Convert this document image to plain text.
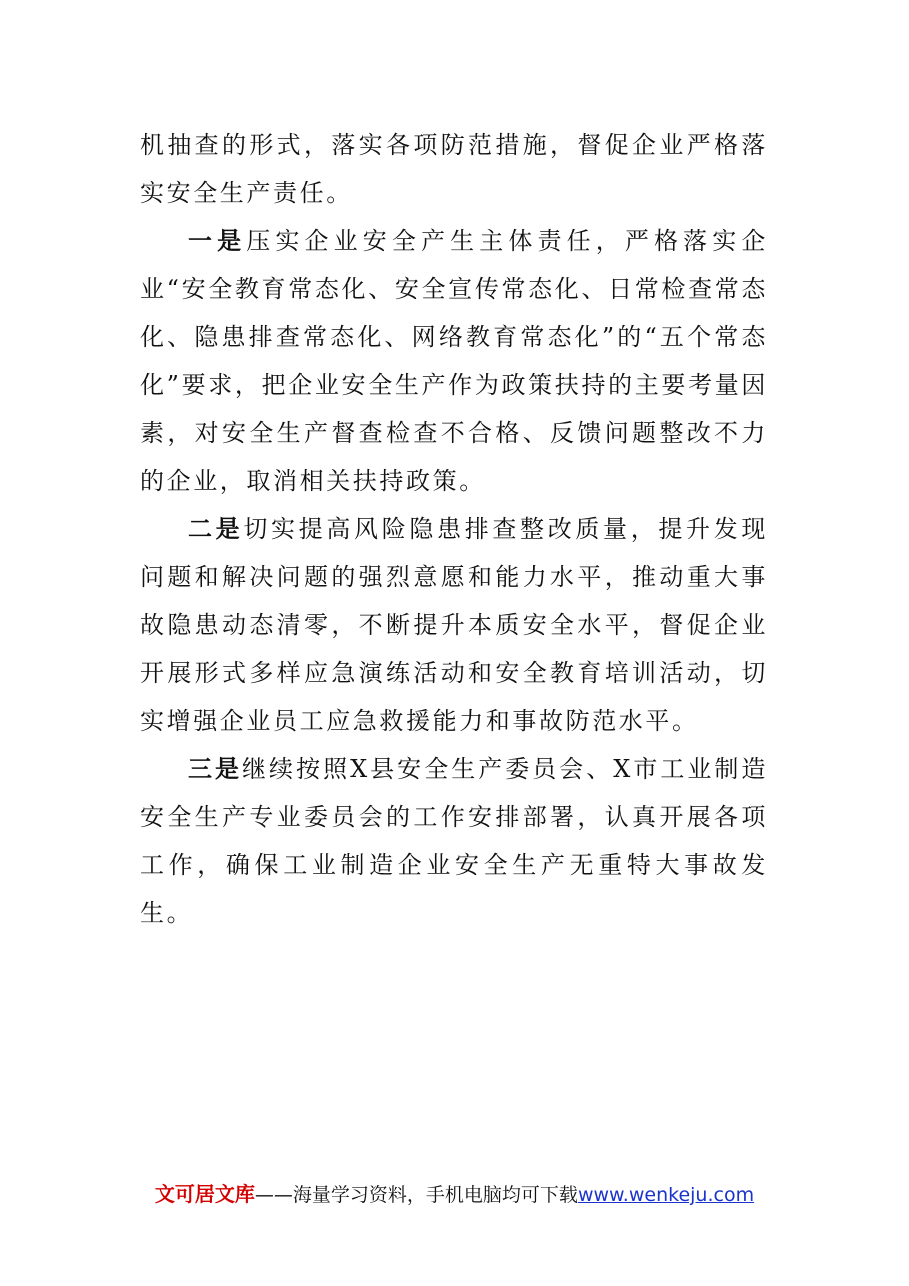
机抽查的形式，落实各项防范措施，督促企业严格落实安全生产责任。

一是压实企业安全产生主体责任，严格落实企业“安全教育常态化、安全宣传常态化、日常检查常态化、隐患排查常态化、网络教育常态化”的“五个常态化”要求，把企业安全生产作为政策扶持的主要考量因素，对安全生产督查检查不合格、反馈问题整改不力的企业，取消相关扶持政策。

二是切实提高风险隐患排查整改质量，提升发现问题和解决问题的强烈意愿和能力水平，推动重大事故隐患动态清零，不断提升本质安全水平，督促企业开展形式多样应急演练活动和安全教育培训活动，切实增强企业员工应急救援能力和事故防范水平。

三是继续按照X县安全生产委员会、X市工业制造安全生产专业委员会的工作安排部署，认真开展各项工作，确保工业制造企业安全生产无重特大事故发生。

文可居文库——海量学习资料，手机电脑均可下载www.wenkeju.com
